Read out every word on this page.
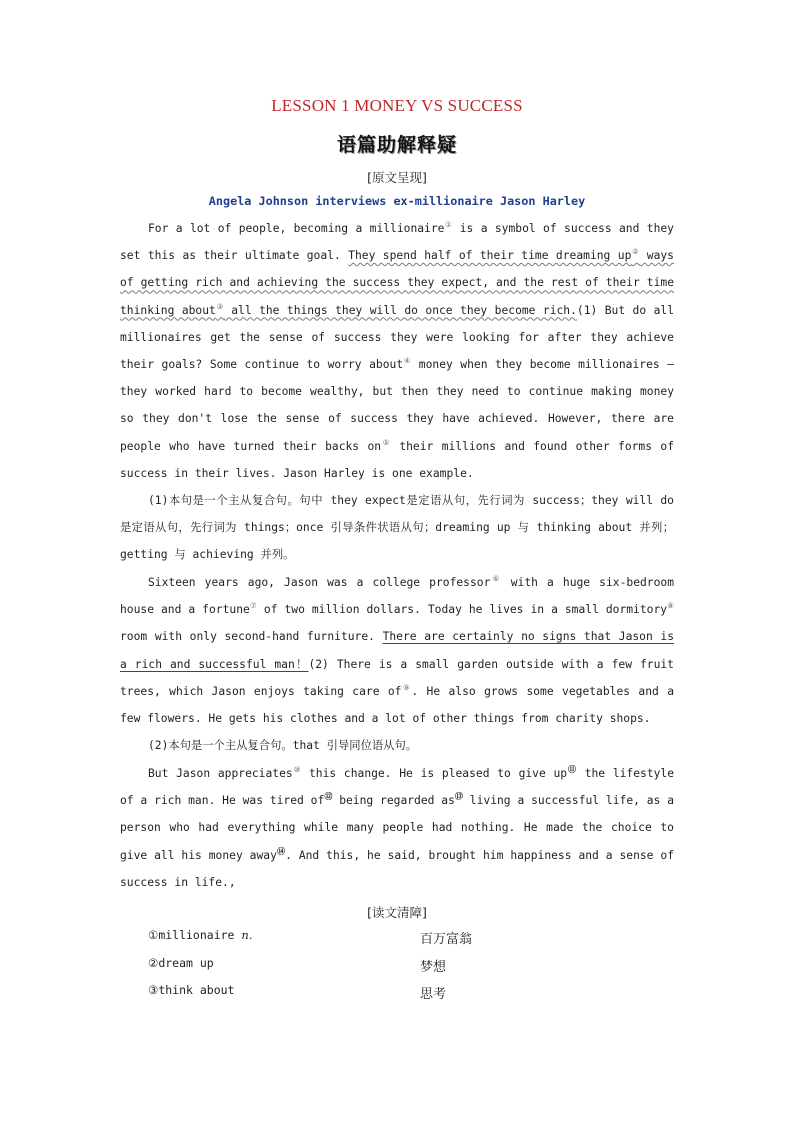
LESSON 1 MONEY VS SUCCESS
语篇助解释疑
[原文呈现]
Angela Johnson interviews ex-millionaire Jason Harley

For a lot of people, becoming a millionaire① is a symbol of success and they set this as their ultimate goal. They spend half of their time dreaming up② ways of getting rich and achieving the success they expect, and the rest of their time thinking about③ all the things they will do once they become rich.(1) But do all millionaires get the sense of success they were looking for after they achieve their goals? Some continue to worry about④ money when they become millionaires — they worked hard to become wealthy, but then they need to continue making money so they don't lose the sense of success they have achieved. However, there are people who have turned their backs on⑤ their millions and found other forms of success in their lives. Jason Harley is one example.

(1)本句是一个主从复合句。句中 they expect是定语从句，先行词为 success；they will do 是定语从句，先行词为 things；once 引导条件状语从句；dreaming up 与 thinking about 并列；getting 与 achieving 并列。

Sixteen years ago, Jason was a college professor⑥ with a huge six-bedroom house and a fortune⑦ of two million dollars. Today he lives in a small dormitory⑧ room with only second-hand furniture. There are certainly no signs that Jason is a rich and successful man！(2) There is a small garden outside with a few fruit trees, which Jason enjoys taking care of⑨. He also grows some vegetables and a few flowers. He gets his clothes and a lot of other things from charity shops.

(2)本句是一个主从复合句。that 引导同位语从句。

But Jason appreciates⑩ this change. He is pleased to give up⑪ the lifestyle of a rich man. He was tired of⑫ being regarded as⑬ living a successful life, as a person who had everything while many people had nothing. He made the choice to give all his money away⑭. And this, he said, brought him happiness and a sense of success in life.,

[读文清障]
①millionaire n.	百万富翁
②dream up	梦想
③think about	思考
